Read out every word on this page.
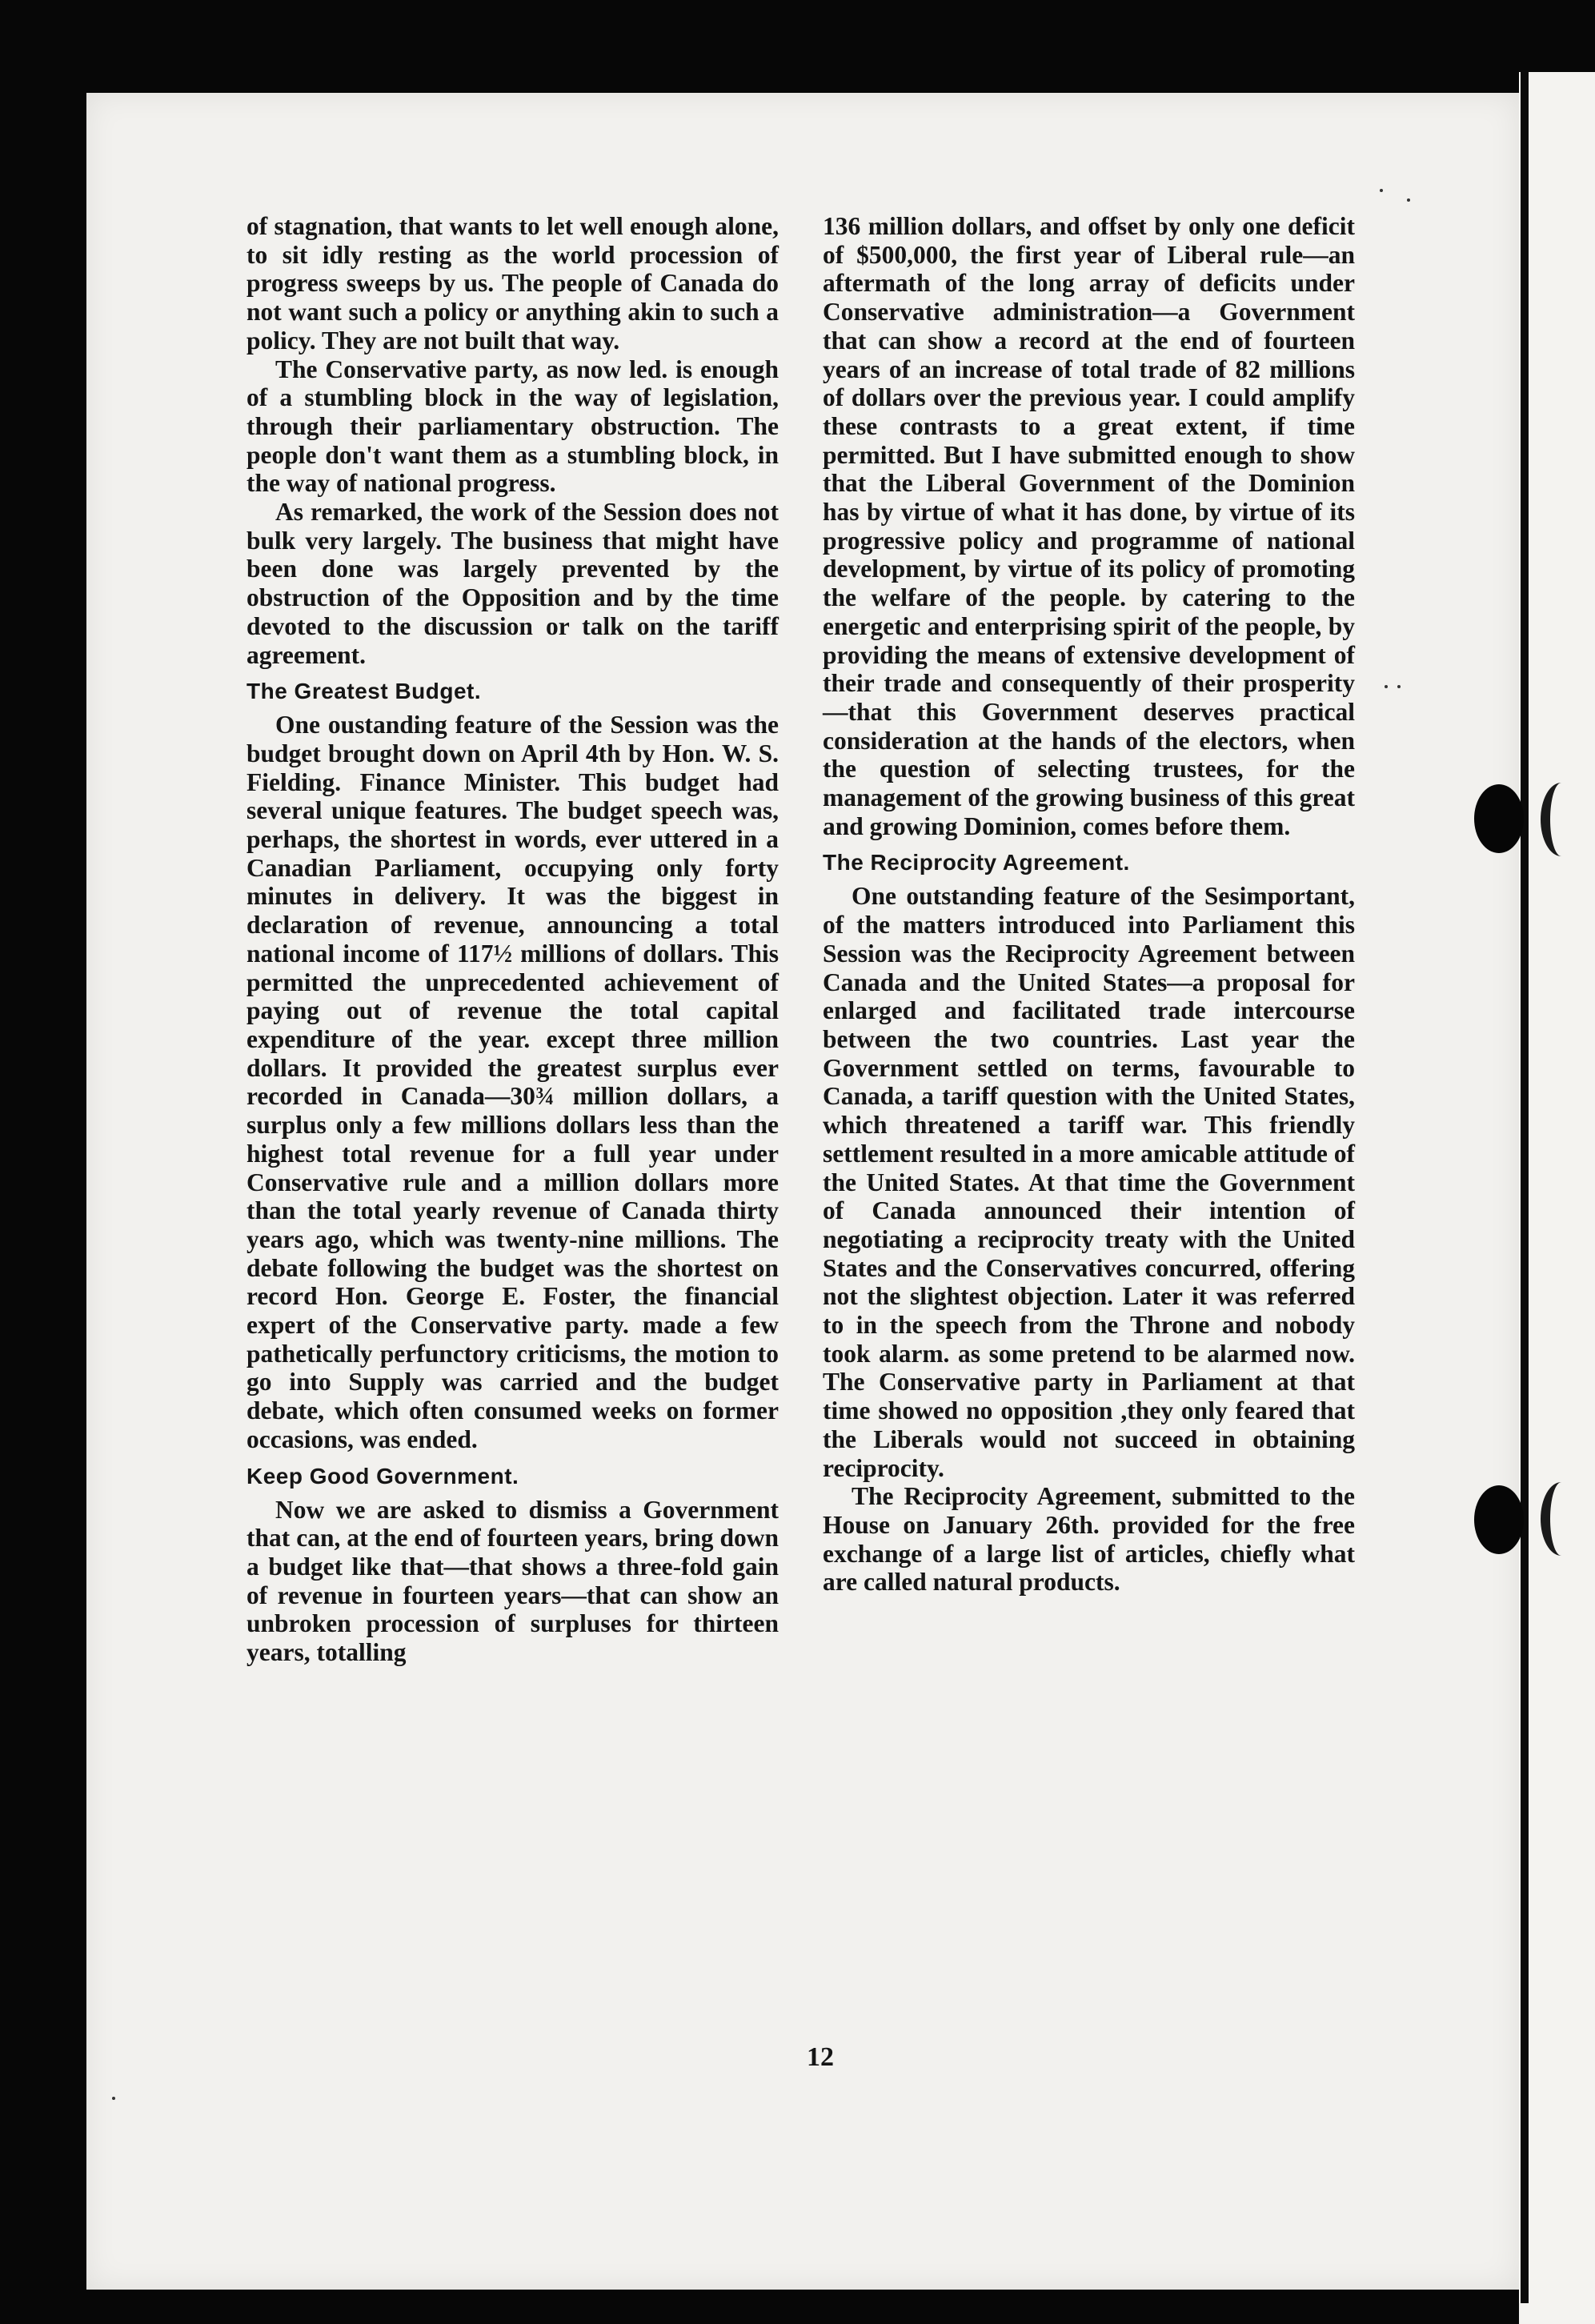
of stagnation, that wants to let well enough alone, to sit idly resting as the world procession of progress sweeps by us. The people of Canada do not want such a policy or anything akin to such a policy. They are not built that way.

The Conservative party, as now led. is enough of a stumbling block in the way of legislation, through their parliamentary obstruction. The people don't want them as a stumbling block, in the way of national progress.

As remarked, the work of the Session does not bulk very largely. The business that might have been done was largely prevented by the obstruction of the Opposition and by the time devoted to the discussion or talk on the tariff agreement.

The Greatest Budget.

One oustanding feature of the Session was the budget brought down on April 4th by Hon. W. S. Fielding. Finance Minister. This budget had several unique features. The budget speech was, perhaps, the shortest in words, ever uttered in a Canadian Parliament, occupying only forty minutes in delivery. It was the biggest in declaration of revenue, announcing a total national income of 117½ millions of dollars. This permitted the unprecedented achievement of paying out of revenue the total capital expenditure of the year. except three million dollars. It provided the greatest surplus ever recorded in Canada—30¾ million dollars, a surplus only a few millions dollars less than the highest total revenue for a full year under Conservative rule and a million dollars more than the total yearly revenue of Canada thirty years ago, which was twenty-nine millions. The debate following the budget was the shortest on record Hon. George E. Foster, the financial expert of the Conservative party. made a few pathetically perfunctory criticisms, the motion to go into Supply was carried and the budget debate, which often consumed weeks on former occasions, was ended.

Keep Good Government.

Now we are asked to dismiss a Government that can, at the end of fourteen years, bring down a budget like that—that shows a three-fold gain of revenue in fourteen years—that can show an unbroken procession of surpluses for thirteen years, totalling

136 million dollars, and offset by only one deficit of $500,000, the first year of Liberal rule—an aftermath of the long array of deficits under Conservative administration—a Government that can show a record at the end of fourteen years of an increase of total trade of 82 millions of dollars over the previous year. I could amplify these contrasts to a great extent, if time permitted. But I have submitted enough to show that the Liberal Government of the Dominion has by virtue of what it has done, by virtue of its progressive policy and programme of national development, by virtue of its policy of promoting the welfare of the people. by catering to the energetic and enterprising spirit of the people, by providing the means of extensive development of their trade and consequently of their prosperity—that this Government deserves practical consideration at the hands of the electors, when the question of selecting trustees, for the management of the growing business of this great and growing Dominion, comes before them.

The Reciprocity Agreement.

One outstanding feature of the Sesimportant, of the matters introduced into Parliament this Session was the Reciprocity Agreement between Canada and the United States—a proposal for enlarged and facilitated trade intercourse between the two countries. Last year the Government settled on terms, favourable to Canada, a tariff question with the United States, which threatened a tariff war. This friendly settlement resulted in a more amicable attitude of the United States. At that time the Government of Canada announced their intention of negotiating a reciprocity treaty with the United States and the Conservatives concurred, offering not the slightest objection. Later it was referred to in the speech from the Throne and nobody took alarm. as some pretend to be alarmed now. The Conservative party in Parliament at that time showed no opposition ,they only feared that the Liberals would not succeed in obtaining reciprocity.

The Reciprocity Agreement, submitted to the House on January 26th. provided for the free exchange of a large list of articles, chiefly what are called natural products.

12
